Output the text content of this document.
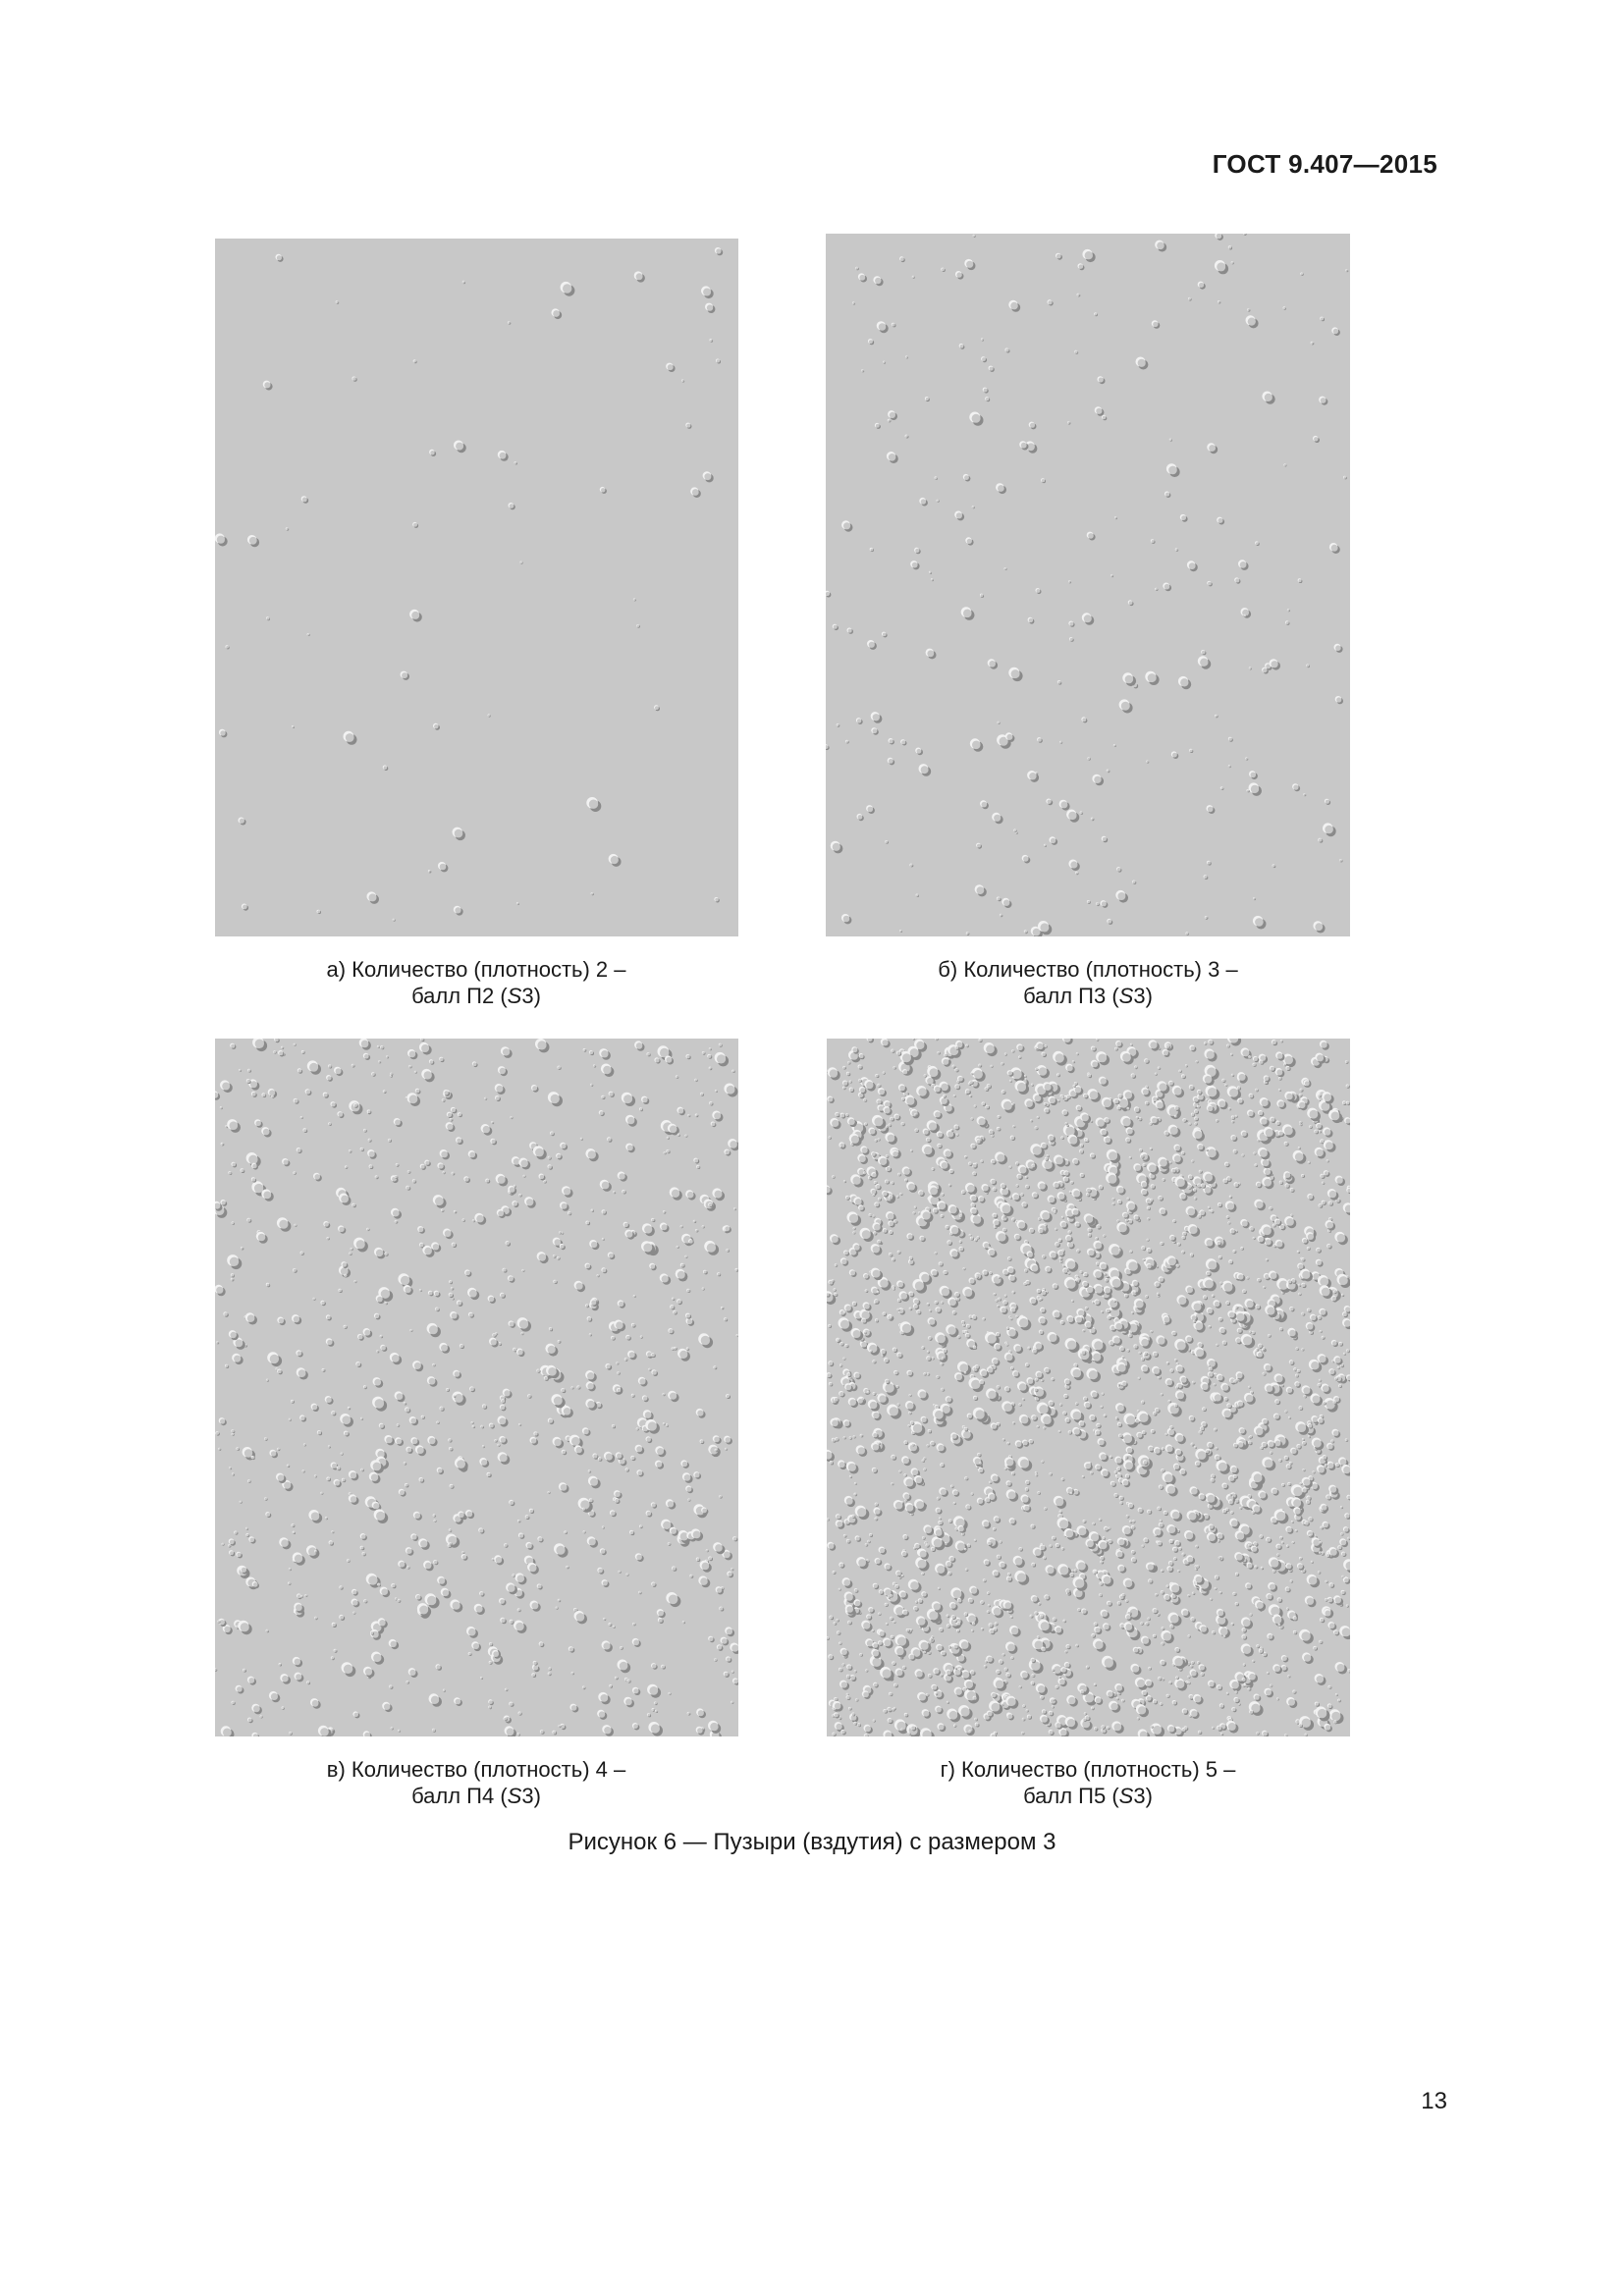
ГОСТ 9.407—2015
а) Количество (плотность) 2 –
балл П2 (S3)
б) Количество (плотность) 3 –
балл П3 (S3)
в) Количество (плотность) 4 –
балл П4 (S3)
г) Количество (плотность) 5 –
балл П5 (S3)
Рисунок 6 — Пузыри (вздутия) с размером 3
13
